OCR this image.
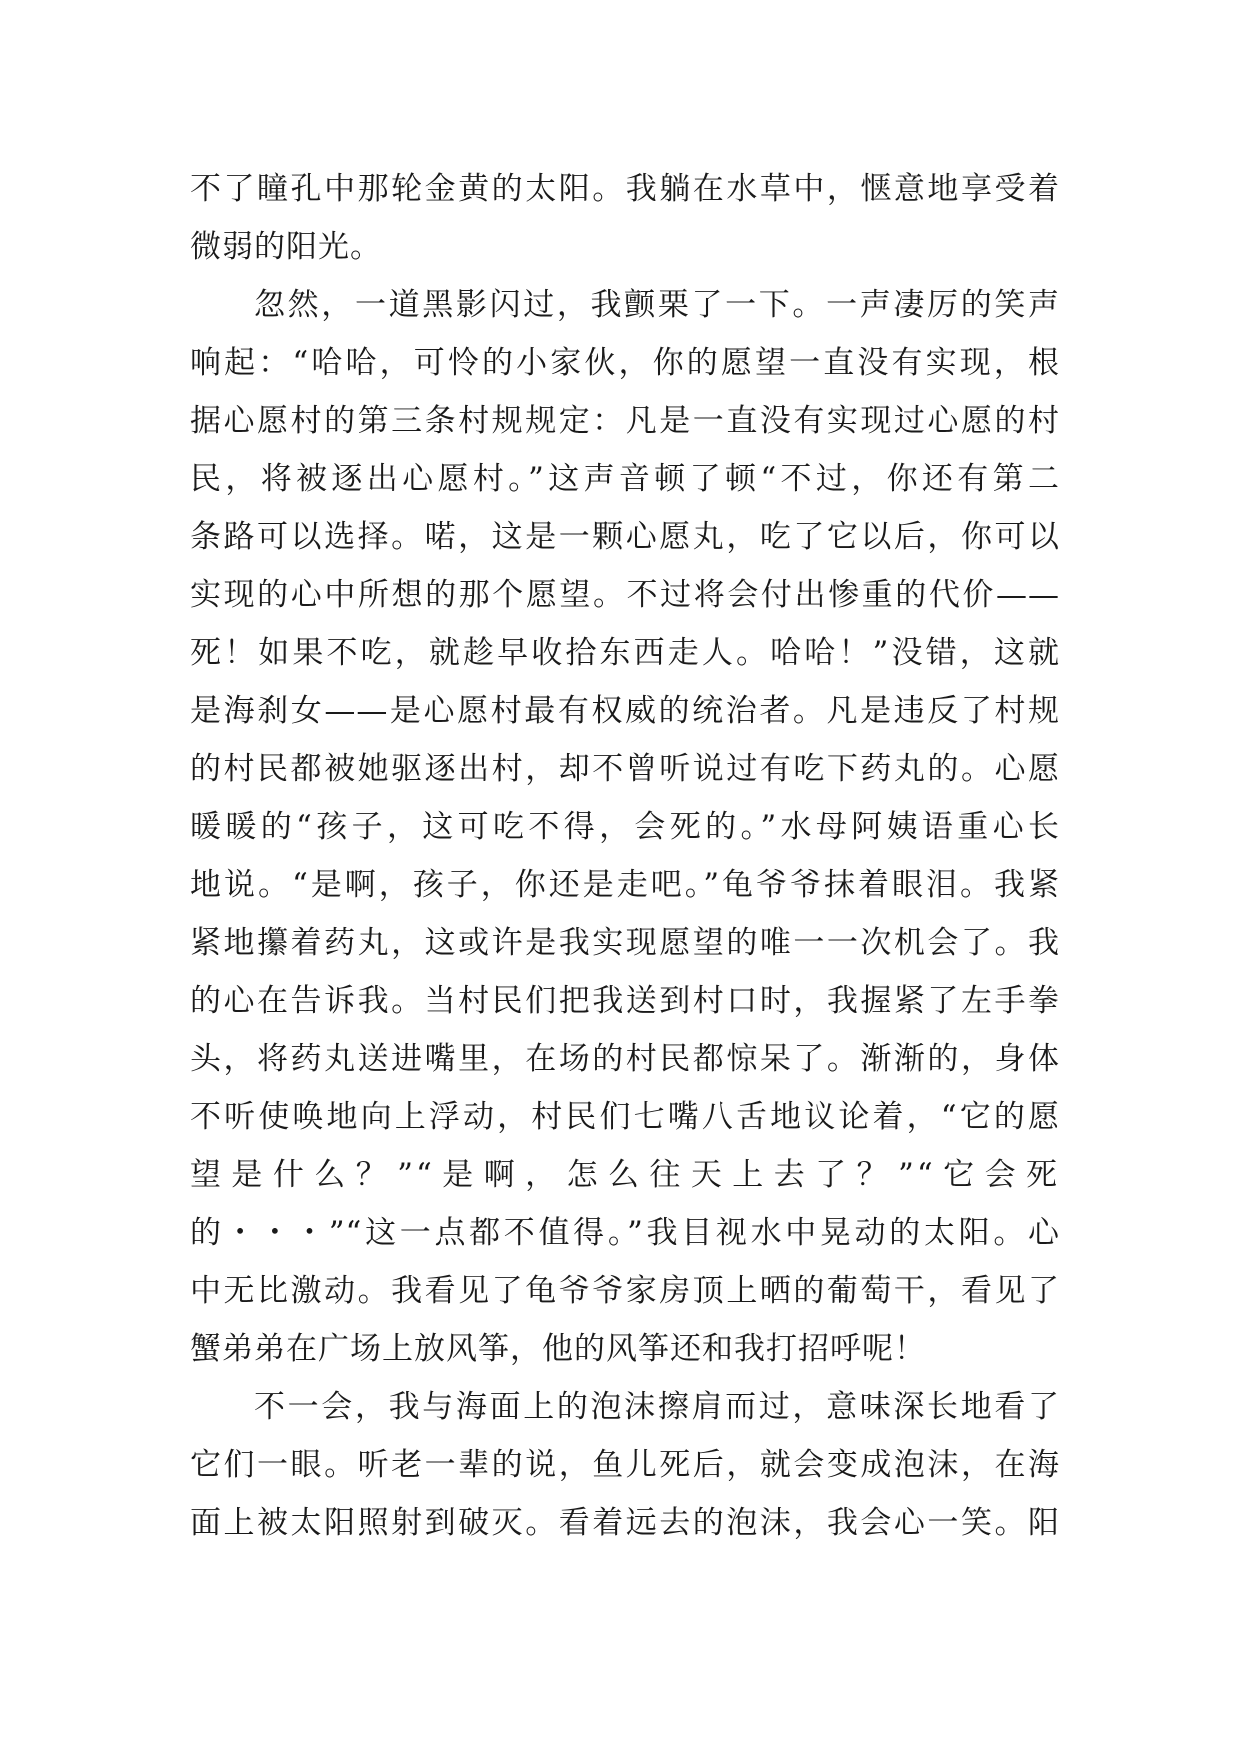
不了瞳孔中那轮金黄的太阳。我躺在水草中，惬意地享受着
微弱的阳光。
忽然，一道黑影闪过，我颤栗了一下。一声凄厉的笑声
响起：“哈哈，可怜的小家伙，你的愿望一直没有实现，根
据心愿村的第三条村规规定：凡是一直没有实现过心愿的村
民，将被逐出心愿村。”这声音顿了顿“不过，你还有第二
条路可以选择。喏，这是一颗心愿丸，吃了它以后，你可以
实现的心中所想的那个愿望。不过将会付出惨重的代价——
死！如果不吃，就趁早收拾东西走人。哈哈！”没错，这就
是海刹女——是心愿村最有权威的统治者。凡是违反了村规
的村民都被她驱逐出村，却不曾听说过有吃下药丸的。心愿
暖暖的“孩子，这可吃不得，会死的。”水母阿姨语重心长
地说。“是啊，孩子，你还是走吧。”龟爷爷抹着眼泪。我紧
紧地攥着药丸，这或许是我实现愿望的唯一一次机会了。我
的心在告诉我。当村民们把我送到村口时，我握紧了左手拳
头，将药丸送进嘴里，在场的村民都惊呆了。渐渐的，身体
不听使唤地向上浮动，村民们七嘴八舌地议论着，“它的愿
望是什么？”“是啊，怎么往天上去了？”“它会死
的・・・”“这一点都不值得。”我目视水中晃动的太阳。心
中无比激动。我看见了龟爷爷家房顶上晒的葡萄干，看见了
蟹弟弟在广场上放风筝，他的风筝还和我打招呼呢！
不一会，我与海面上的泡沫擦肩而过，意味深长地看了
它们一眼。听老一辈的说，鱼儿死后，就会变成泡沫，在海
面上被太阳照射到破灭。看着远去的泡沫，我会心一笑。阳
